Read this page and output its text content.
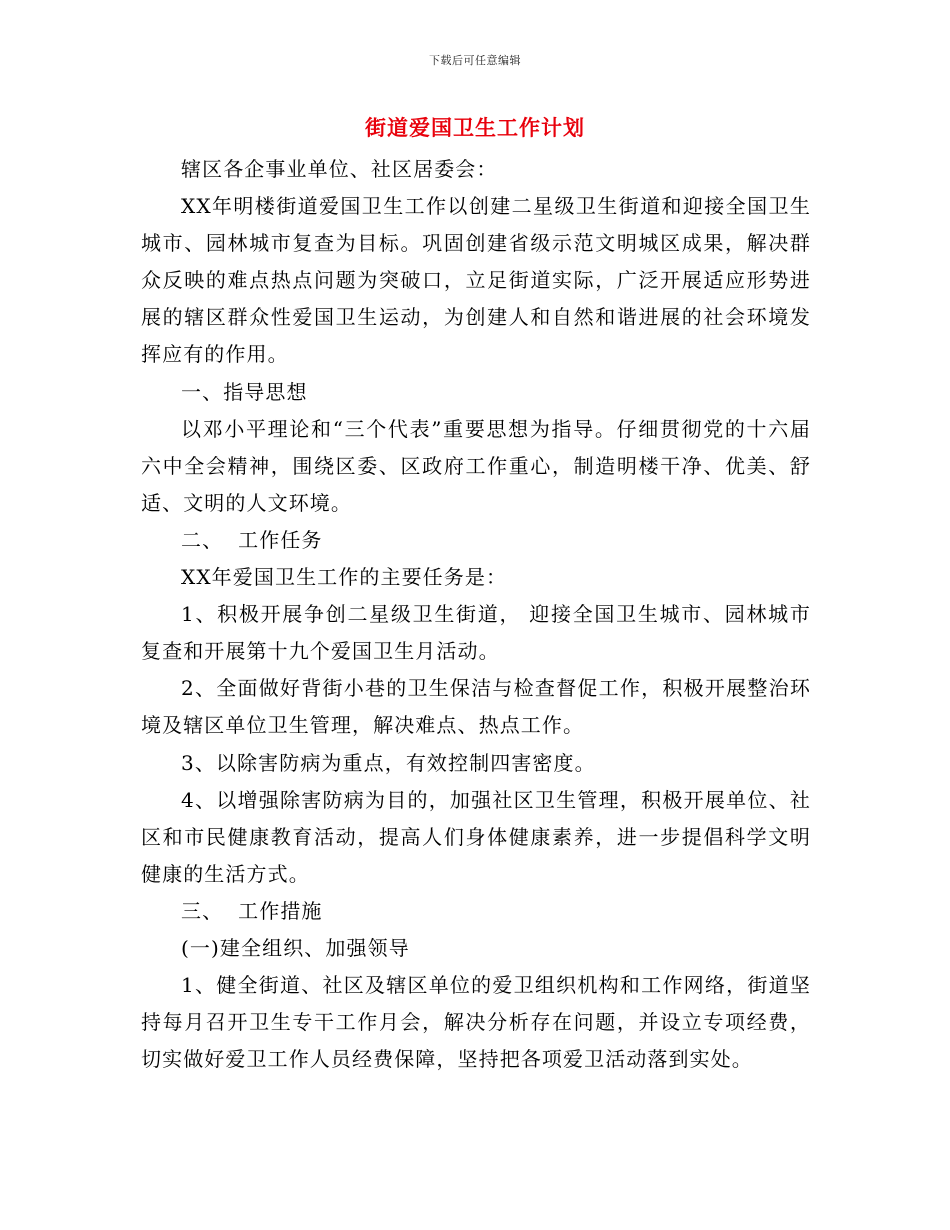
下载后可任意编辑
街道爱国卫生工作计划

辖区各企事业单位、社区居委会：

XX年明楼街道爱国卫生工作以创建二星级卫生街道和迎接全国卫生城市、园林城市复查为目标。巩固创建省级示范文明城区成果，解决群众反映的难点热点问题为突破口，立足街道实际，广泛开展适应形势进展的辖区群众性爱国卫生运动，为创建人和自然和谐进展的社会环境发挥应有的作用。

一、指导思想

以邓小平理论和“三个代表”重要思想为指导。仔细贯彻党的十六届六中全会精神，围绕区委、区政府工作重心，制造明楼干净、优美、舒适、文明的人文环境。

二、  工作任务

XX年爱国卫生工作的主要任务是：

1、积极开展争创二星级卫生街道， 迎接全国卫生城市、园林城市复查和开展第十九个爱国卫生月活动。

2、全面做好背街小巷的卫生保洁与检查督促工作，积极开展整治环境及辖区单位卫生管理，解决难点、热点工作。

3、以除害防病为重点，有效控制四害密度。

4、以增强除害防病为目的，加强社区卫生管理，积极开展单位、社区和市民健康教育活动，提高人们身体健康素养，进一步提倡科学文明健康的生活方式。

三、  工作措施

(一)建全组织、加强领导

1、健全街道、社区及辖区单位的爱卫组织机构和工作网络，街道坚持每月召开卫生专干工作月会，解决分析存在问题，并设立专项经费，切实做好爱卫工作人员经费保障，坚持把各项爱卫活动落到实处。
